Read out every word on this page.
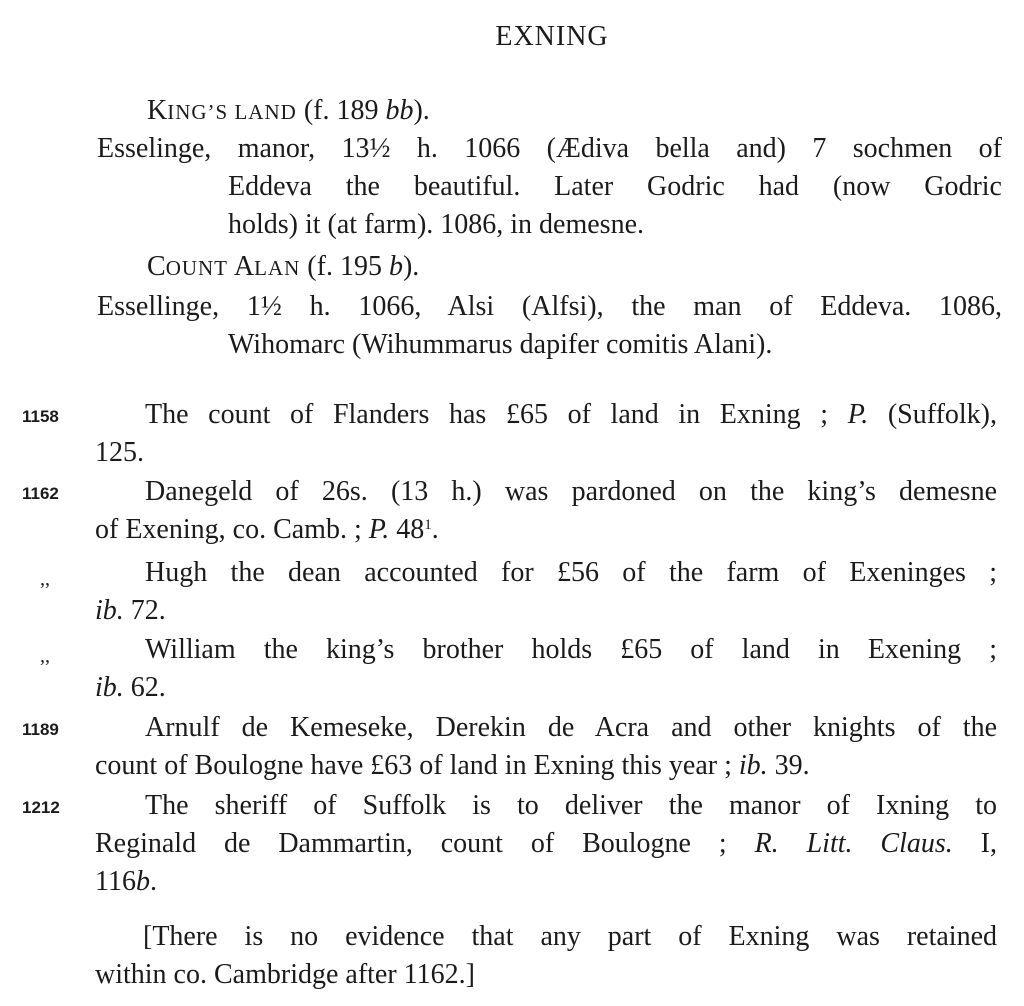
EXNING
KING’S LAND (f. 189 bb).
Esselinge, manor, 13½ h. 1066 (Ædiva bella and) 7 sochmen of
Eddeva the beautiful. Later Godric had (now Godric
holds) it (at farm). 1086, in demesne.
COUNT ALAN (f. 195 b).
Essellinge, 1½ h. 1066, Alsi (Alfsi), the man of Eddeva. 1086,
Wihomarc (Wihummarus dapifer comitis Alani).
1158	The count of Flanders has £65 of land in Exning ; P. (Suffolk),
125.
1162	Danegeld of 26s. (13 h.) was pardoned on the king’s demesne
of Exening, co. Camb. ; P. $48^1$.
,,	Hugh the dean accounted for £56 of the farm of Exeninges ;
ib. 72.
,,	William the king’s brother holds £65 of land in Exening ;
ib. 62.
1189	Arnulf de Kemeseke, Derekin de Acra and other knights of the
count of Boulogne have £63 of land in Exning this year ; ib. 39.
1212	The sheriff of Suffolk is to deliver the manor of Ixning to
Reginald de Dammartin, count of Boulogne ; R. Litt. Claus. I,
116b.
[There is no evidence that any part of Exning was retained
within co. Cambridge after 1162.]
